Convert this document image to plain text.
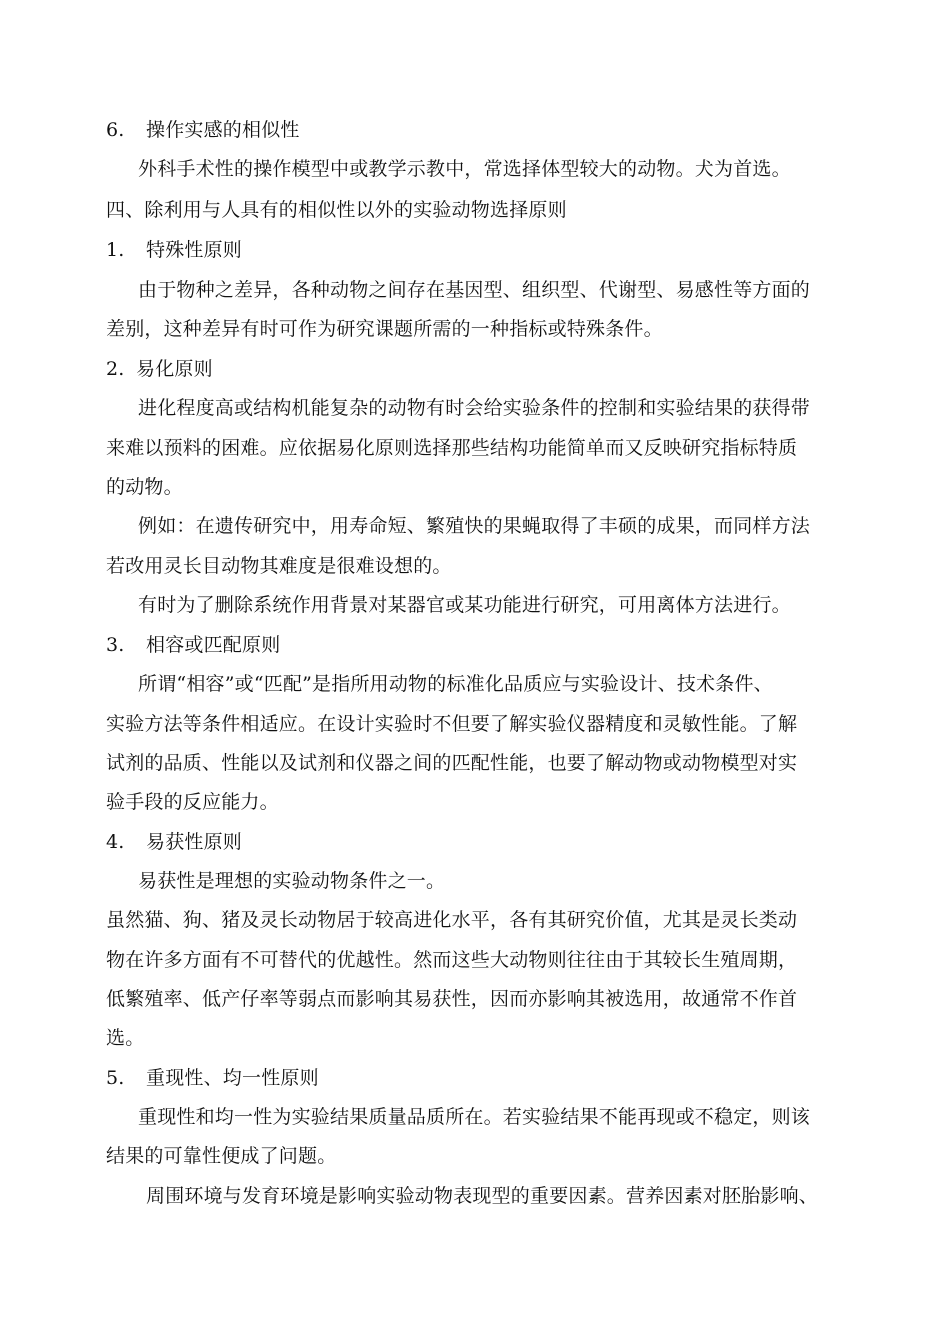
6. 操作实感的相似性
外科手术性的操作模型中或教学示教中，常选择体型较大的动物。犬为首选。
四、除利用与人具有的相似性以外的实验动物选择原则
1. 特殊性原则
由于物种之差异，各种动物之间存在基因型、组织型、代谢型、易感性等方面的
差别，这种差异有时可作为研究课题所需的一种指标或特殊条件。
2. 易化原则
进化程度高或结构机能复杂的动物有时会给实验条件的控制和实验结果的获得带
来难以预料的困难。应依据易化原则选择那些结构功能简单而又反映研究指标特质
的动物。
例如：在遗传研究中，用寿命短、繁殖快的果蝇取得了丰硕的成果，而同样方法
若改用灵长目动物其难度是很难设想的。
有时为了删除系统作用背景对某器官或某功能进行研究，可用离体方法进行。
3. 相容或匹配原则
所谓“相容”或“匹配”是指所用动物的标准化品质应与实验设计、技术条件、
实验方法等条件相适应。在设计实验时不但要了解实验仪器精度和灵敏性能。了解
试剂的品质、性能以及试剂和仪器之间的匹配性能，也要了解动物或动物模型对实
验手段的反应能力。
4. 易获性原则
易获性是理想的实验动物条件之一。
虽然猫、狗、猪及灵长动物居于较高进化水平，各有其研究价值，尤其是灵长类动
物在许多方面有不可替代的优越性。然而这些大动物则往往由于其较长生殖周期，
低繁殖率、低产仔率等弱点而影响其易获性，因而亦影响其被选用，故通常不作首
选。
5. 重现性、均一性原则
重现性和均一性为实验结果质量品质所在。若实验结果不能再现或不稳定，则该
结果的可靠性便成了问题。
周围环境与发育环境是影响实验动物表现型的重要因素。营养因素对胚胎影响、
